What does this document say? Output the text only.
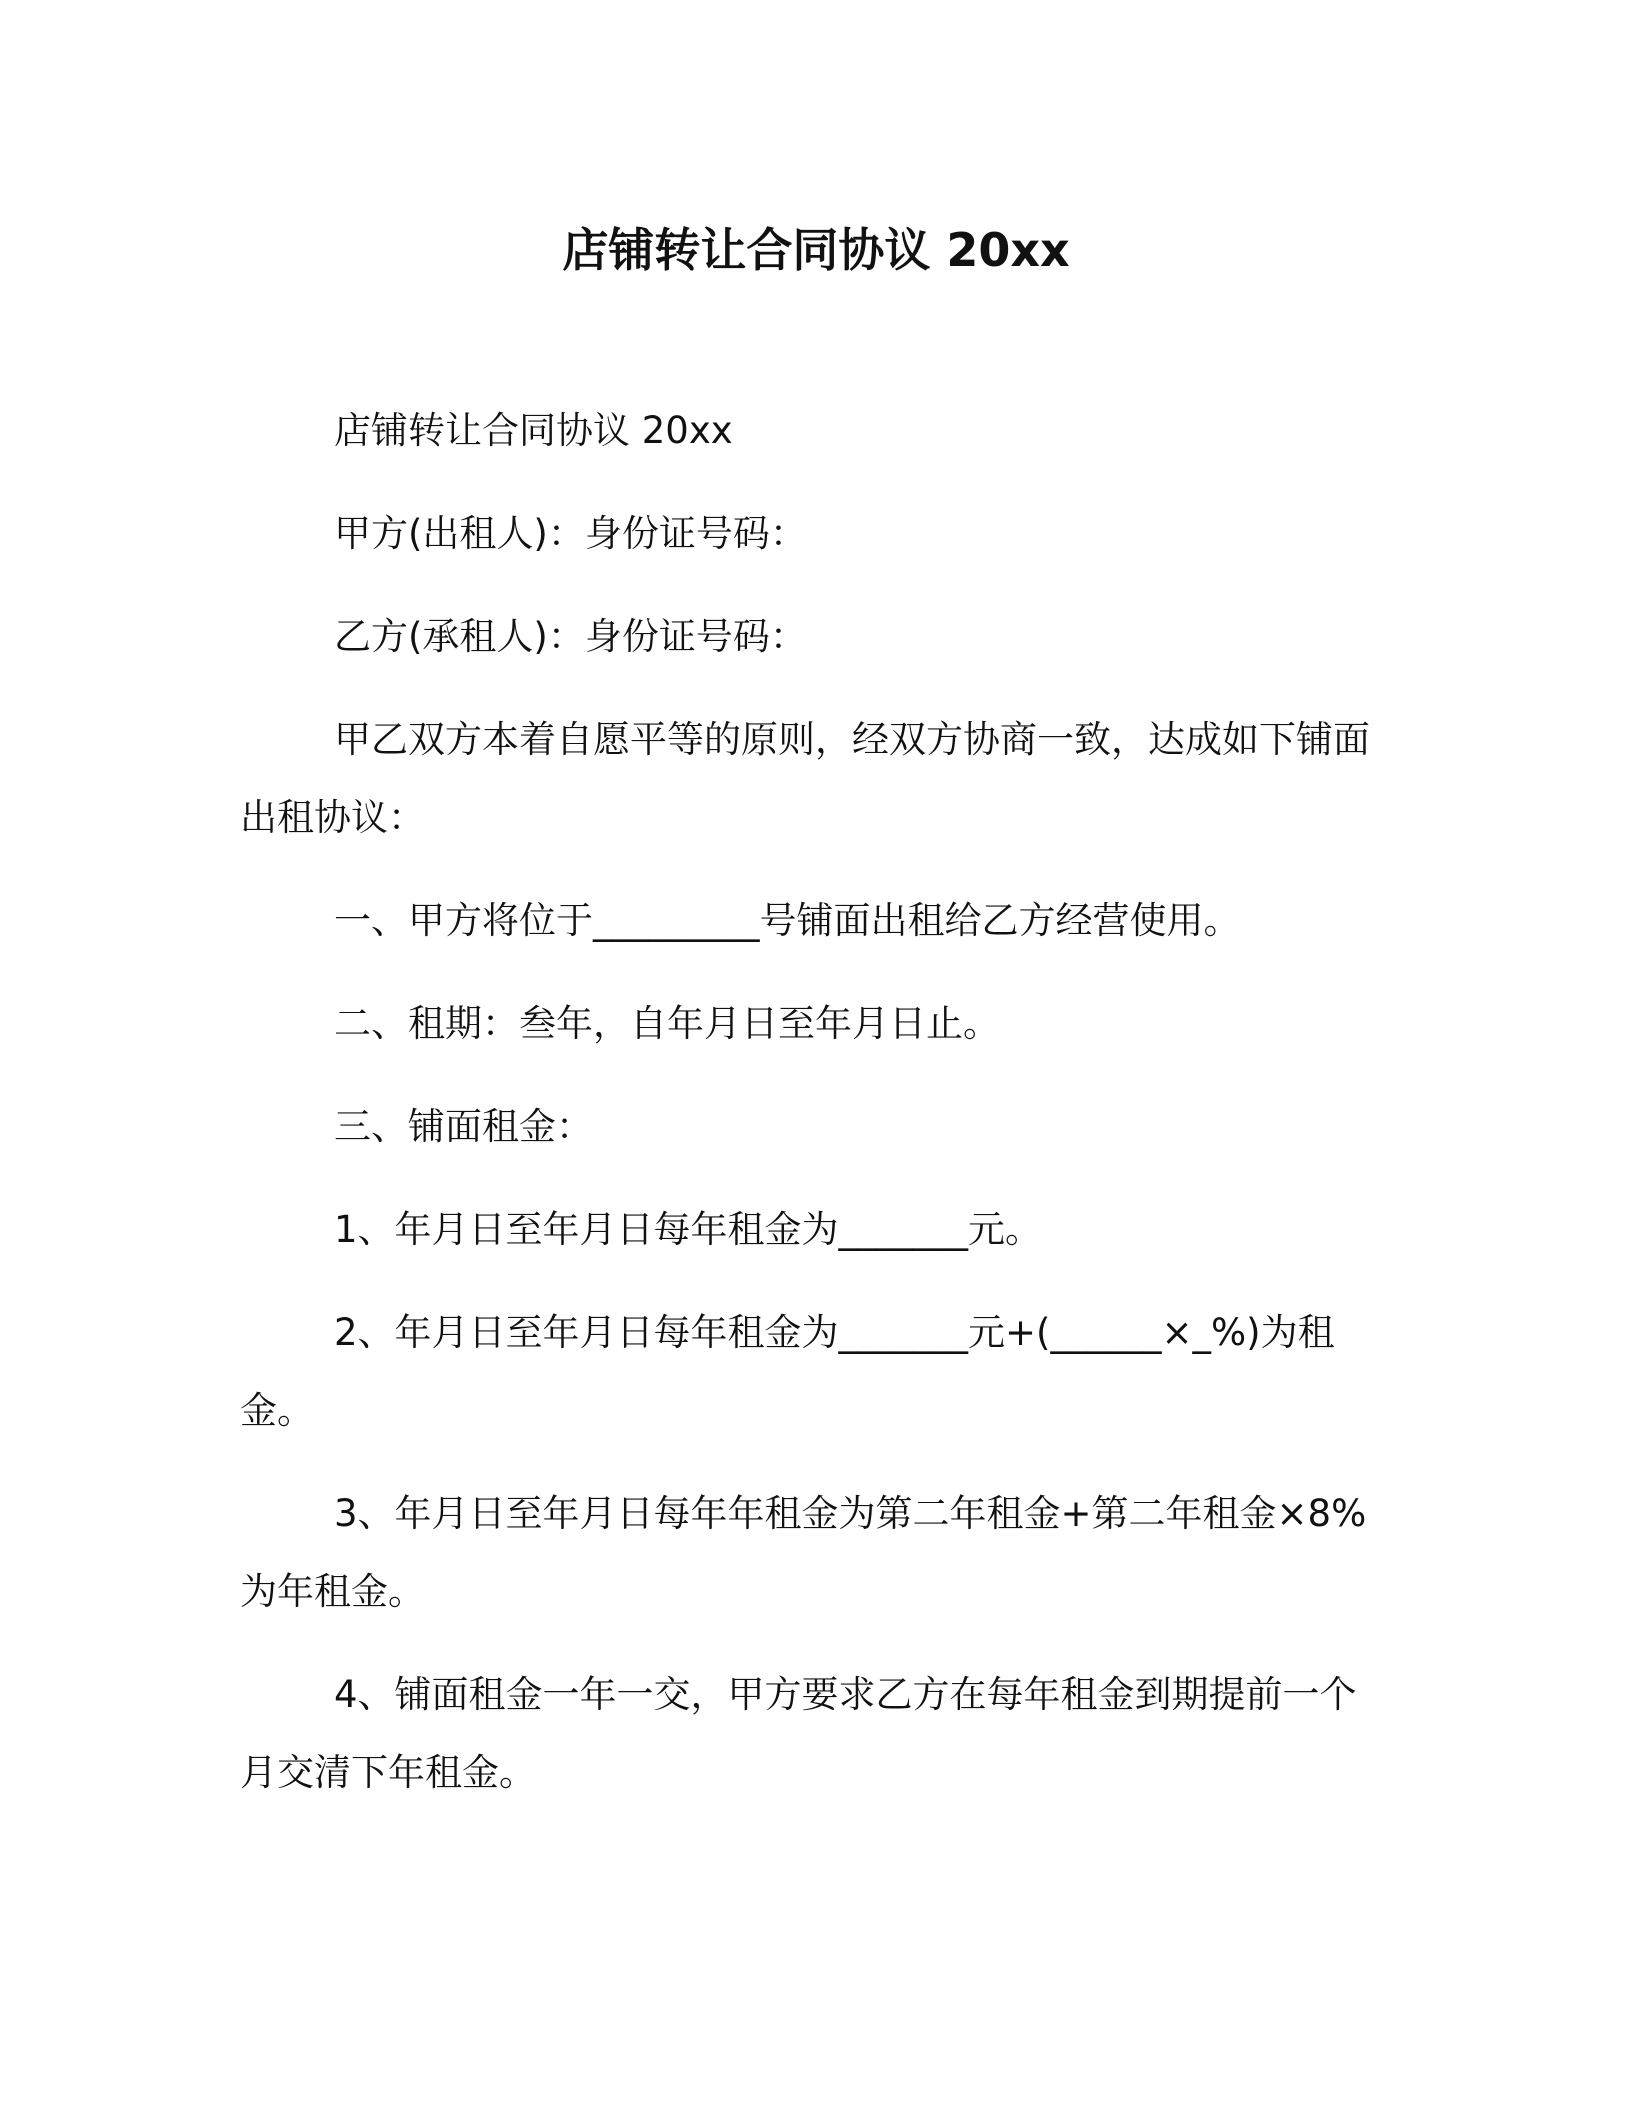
店铺转让合同协议 20xx

店铺转让合同协议 20xx

甲方(出租人)：身份证号码：

乙方(承租人)：身份证号码：

甲乙双方本着自愿平等的原则，经双方协商一致，达成如下铺面出租协议：

一、甲方将位于_________号铺面出租给乙方经营使用。

二、租期：叁年，自年月日至年月日止。

三、铺面租金：

1、年月日至年月日每年租金为_______元。

2、年月日至年月日每年租金为_______元+(______×_%)为租金。

3、年月日至年月日每年年租金为第二年租金+第二年租金×8%为年租金。

4、铺面租金一年一交，甲方要求乙方在每年租金到期提前一个月交清下年租金。
